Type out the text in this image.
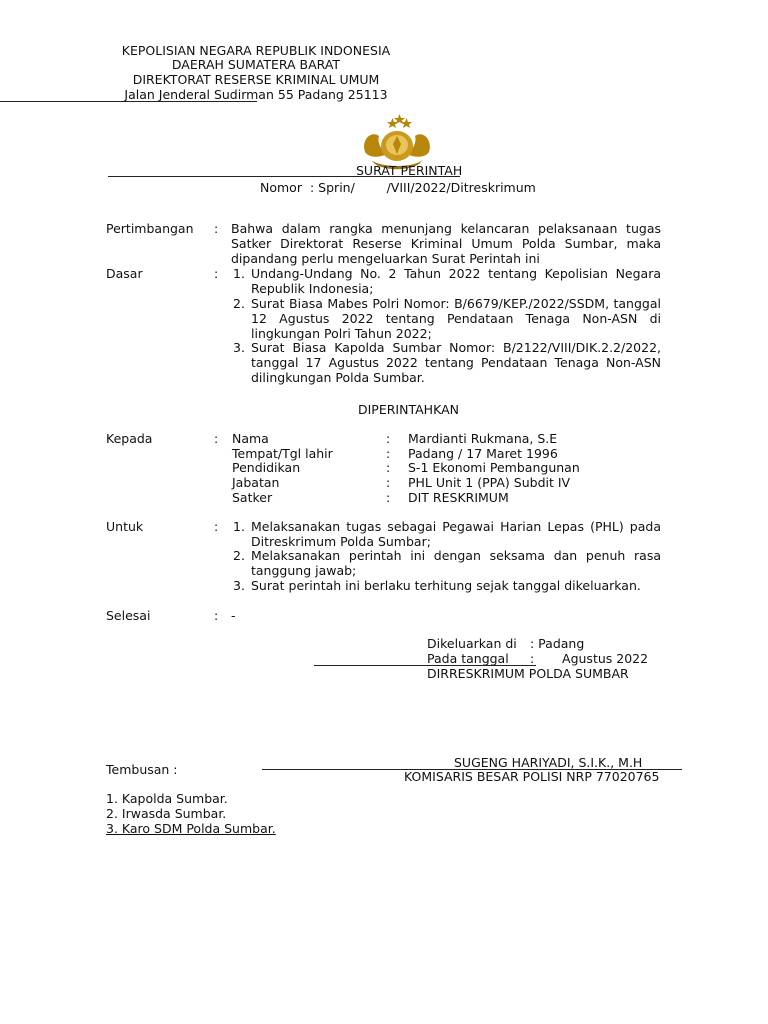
KEPOLISIAN NEGARA REPUBLIK INDONESIA
DAERAH SUMATERA BARAT
DIREKTORAT RESERSE KRIMINAL UMUM
Jalan Jenderal Sudirman 55 Padang 25113
SURAT PERINTAH
Nomor : Sprin/        /VIII/2022/Ditreskrimum
Pertimbangan : Bahwa dalam rangka menunjang kelancaran pelaksanaan tugas Satker Direktorat Reserse Kriminal Umum Polda Sumbar, maka dipandang perlu mengeluarkan Surat Perintah ini
Dasar	: 1. Undang-Undang No. 2 Tahun 2022 tentang Kepolisian Negara Republik Indonesia;
2. Surat Biasa Mabes Polri Nomor: B/6679/KEP./2022/SSDM, tanggal 12 Agustus 2022 tentang Pendataan Tenaga Non-ASN di lingkungan Polri Tahun 2022;
3. Surat Biasa Kapolda Sumbar Nomor: B/2122/VIII/DIK.2.2/2022, tanggal 17 Agustus 2022 tentang Pendataan Tenaga Non-ASN dilingkungan Polda Sumbar.
DIPERINTAHKAN
Kepada	: Nama	: Mardianti Rukmana, S.E
Tempat/Tgl lahir	: Padang / 17 Maret 1996
Pendidikan	: S-1 Ekonomi Pembangunan
Jabatan	: PHL Unit 1 (PPA) Subdit IV
Satker	: DIT RESKRIMUM
Untuk	: 1. Melaksanakan tugas sebagai Pegawai Harian Lepas (PHL) pada Ditreskrimum Polda Sumbar;
2. Melaksanakan perintah ini dengan seksama dan penuh rasa tanggung jawab;
3. Surat perintah ini berlaku terhitung sejak tanggal dikeluarkan.
Selesai	: -
Dikeluarkan di : Padang
Pada tanggal :       Agustus 2022
DIRRESKRIMUM POLDA SUMBAR
SUGENG HARIYADI, S.I.K., M.H
KOMISARIS BESAR POLISI NRP 77020765
Tembusan :
1. Kapolda Sumbar.
2. Irwasda Sumbar.
3. Karo SDM Polda Sumbar.
